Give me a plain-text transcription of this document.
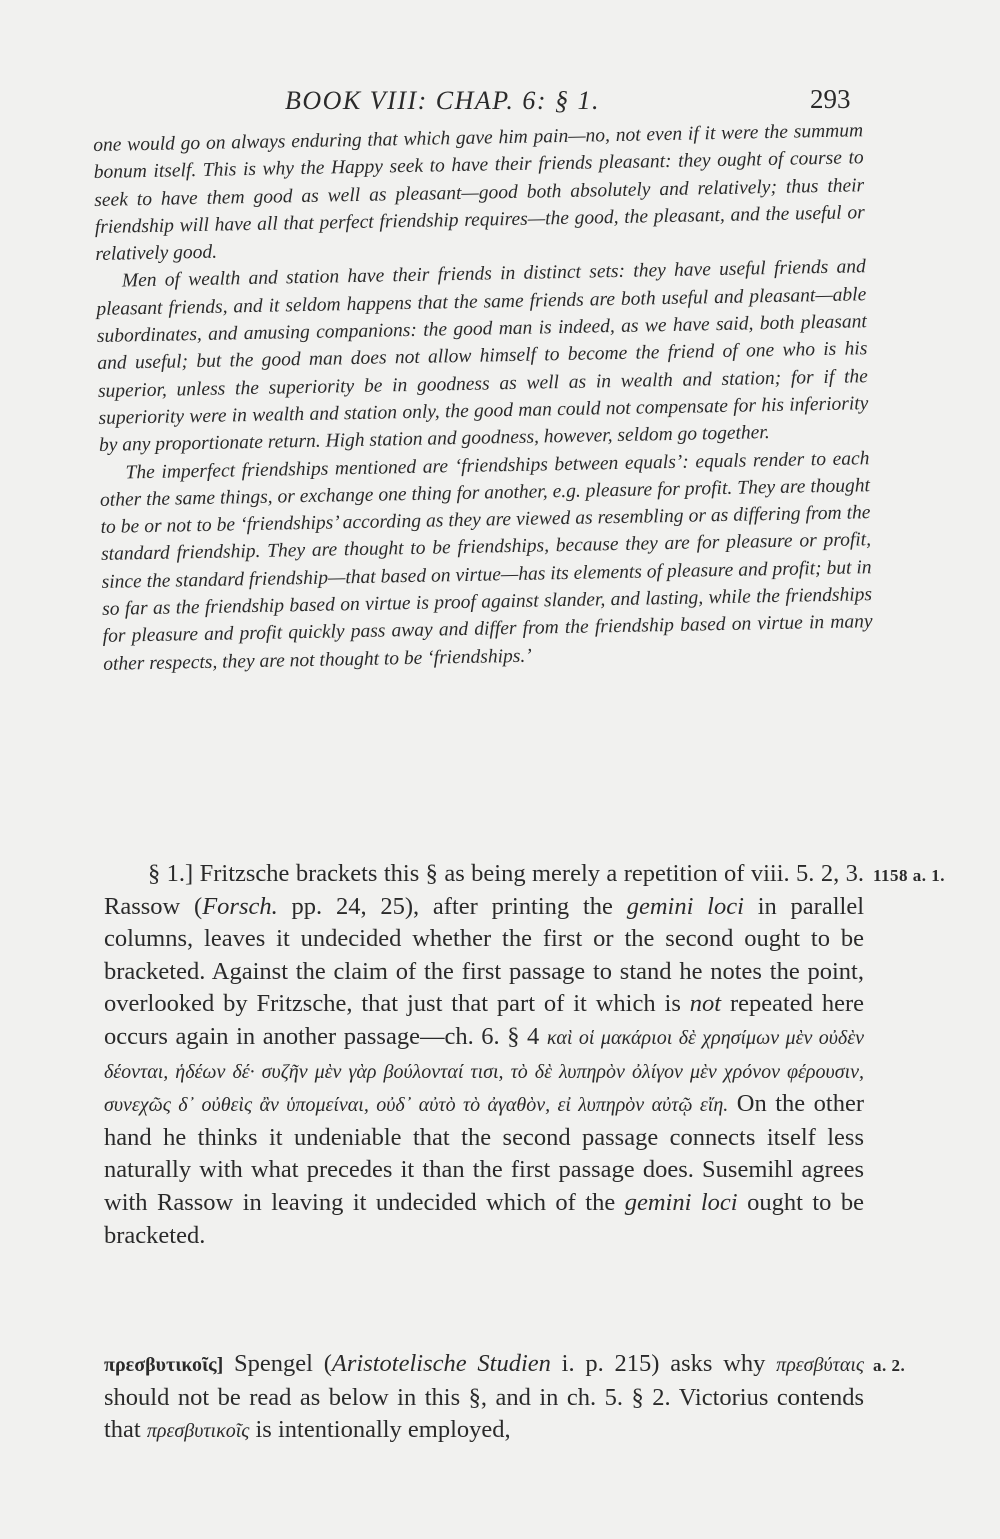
BOOK VIII: CHAP. 6: § 1.	293

one would go on always enduring that which gave him pain—no, not even if it were the summum bonum itself. This is why the Happy seek to have their friends pleasant: they ought of course to seek to have them good as well as pleasant—good both absolutely and relatively; thus their friendship will have all that perfect friendship requires—the good, the pleasant, and the useful or relatively good.

Men of wealth and station have their friends in distinct sets: they have useful friends and pleasant friends, and it seldom happens that the same friends are both useful and pleasant—able subordinates, and amusing companions: the good man is indeed, as we have said, both pleasant and useful; but the good man does not allow himself to become the friend of one who is his superior, unless the superiority be in goodness as well as in wealth and station; for if the superiority were in wealth and station only, the good man could not compensate for his inferiority by any proportionate return. High station and goodness, however, seldom go together.

The imperfect friendships mentioned are ‘friendships between equals’: equals render to each other the same things, or exchange one thing for another, e.g. pleasure for profit. They are thought to be or not to be ‘friendships’ according as they are viewed as resembling or as differing from the standard friendship. They are thought to be friendships, because they are for pleasure or profit, since the standard friendship—that based on virtue—has its elements of pleasure and profit; but in so far as the friendship based on virtue is proof against slander, and lasting, while the friendships for pleasure and profit quickly pass away and differ from the friendship based on virtue in many other respects, they are not thought to be ‘friendships.’

1158 a. 1.

§ 1.] Fritzsche brackets this § as being merely a repetition of viii. 5. 2, 3. Rassow (Forsch. pp. 24, 25), after printing the gemini loci in parallel columns, leaves it undecided whether the first or the second ought to be bracketed. Against the claim of the first passage to stand he notes the point, overlooked by Fritzsche, that just that part of it which is not repeated here occurs again in another passage—ch. 6. § 4 καὶ οἱ μακάριοι δὲ χρησίμων μὲν οὐδὲν δέονται, ἡδέων δέ· συζῆν μὲν γὰρ βούλονταί τισι, τὸ δὲ λυπηρὸν ὀλίγον μὲν χρόνον φέρουσιν, συνεχῶς δ᾽ οὐθεὶς ἂν ὑπομείναι, οὐδ᾽ αὐτὸ τὸ ἀγαθὸν, εἰ λυπηρὸν αὐτῷ εἴη. On the other hand he thinks it undeniable that the second passage connects itself less naturally with what precedes it than the first passage does. Susemihl agrees with Rassow in leaving it undecided which of the gemini loci ought to be bracketed.

a. 2.

πρεσβυτικοῖς] Spengel (Aristotelische Studien i. p. 215) asks why πρεσβύταις should not be read as below in this §, and in ch. 5. § 2. Victorius contends that πρεσβυτικοῖς is intentionally employed,
